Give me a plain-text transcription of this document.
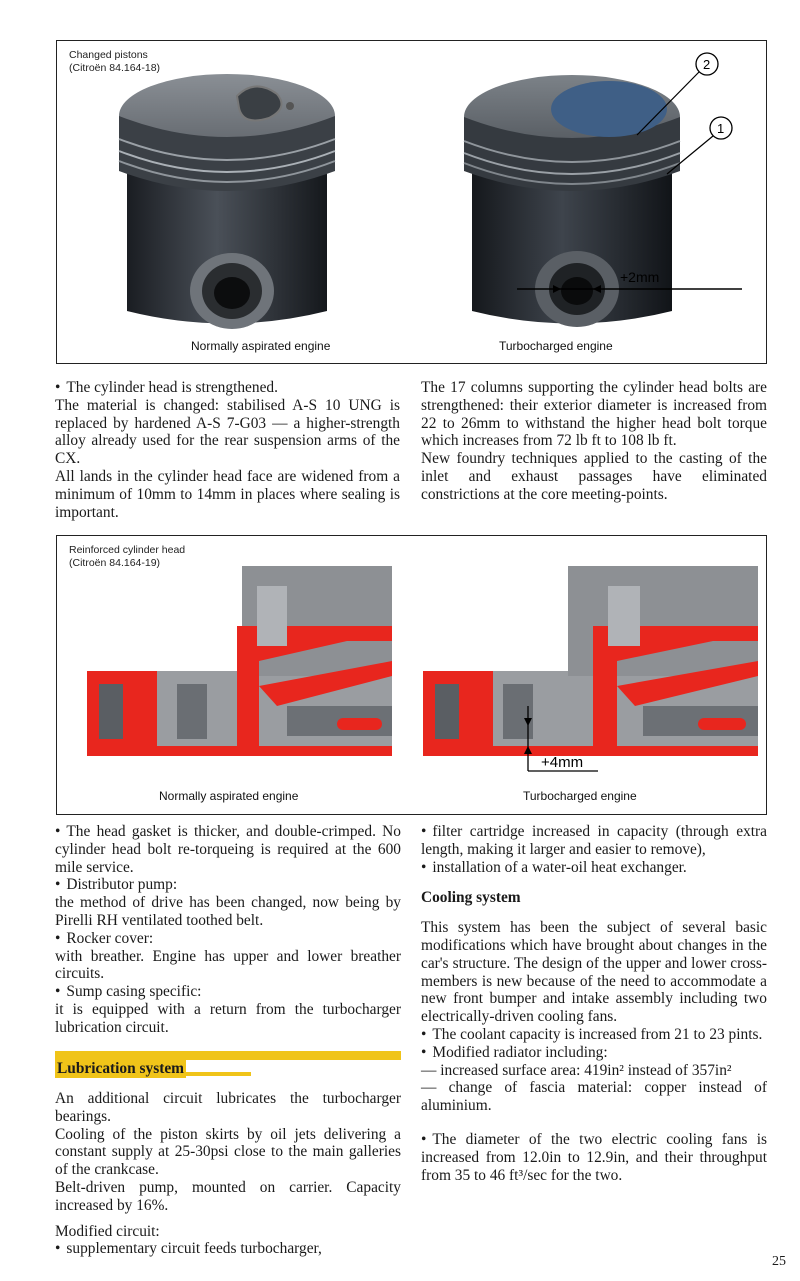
Changed pistons
(Citroën 84.164-18)
Normally aspirated engine
+2mm
2
1
Turbocharged engine

• The cylinder head is strengthened.

The material is changed: stabilised A-S 10 UNG is replaced by hardened A-S 7-G03 — a higher-strength alloy already used for the rear suspension arms of the CX.

All lands in the cylinder head face are widened from a minimum of 10mm to 14mm in places where sealing is important.

The 17 columns supporting the cylinder head bolts are strengthened: their exterior diameter is increased from 22 to 26mm to withstand the higher head bolt torque which increases from 72 lb ft to 108 lb ft.

New foundry techniques applied to the casting of the inlet and exhaust passages have eliminated constrictions at the core meeting-points.

Reinforced cylinder head
(Citroën 84.164-19)
Normally aspirated engine
+4mm
Turbocharged engine

• The head gasket is thicker, and double-crimped. No cylinder head bolt re-torqueing is required at the 600 mile service.

• Distributor pump:

the method of drive has been changed, now being by Pirelli RH ventilated toothed belt.

• Rocker cover:

with breather. Engine has upper and lower breather circuits.

• Sump casing specific:

it is equipped with a return from the turbocharger lubrication circuit.

Lubrication system

An additional circuit lubricates the turbocharger bearings.

Cooling of the piston skirts by oil jets delivering a constant supply at 25-30psi close to the main galleries of the crankcase.

Belt-driven pump, mounted on carrier. Capacity increased by 16%.

Modified circuit:

• supplementary circuit feeds turbocharger,

• filter cartridge increased in capacity (through extra length, making it larger and easier to remove),

• installation of a water-oil heat exchanger.

Cooling system

This system has been the subject of several basic modifications which have brought about changes in the car's structure. The design of the upper and lower cross-members is new because of the need to accommodate a new front bumper and intake assembly including two electrically-driven cooling fans.

• The coolant capacity is increased from 21 to 23 pints.

• Modified radiator including:

— increased surface area: 419in² instead of 357in²

— change of fascia material: copper instead of aluminium.

• The diameter of the two electric cooling fans is increased from 12.0in to 12.9in, and their throughput from 35 to 46 ft³/sec for the two.

25
